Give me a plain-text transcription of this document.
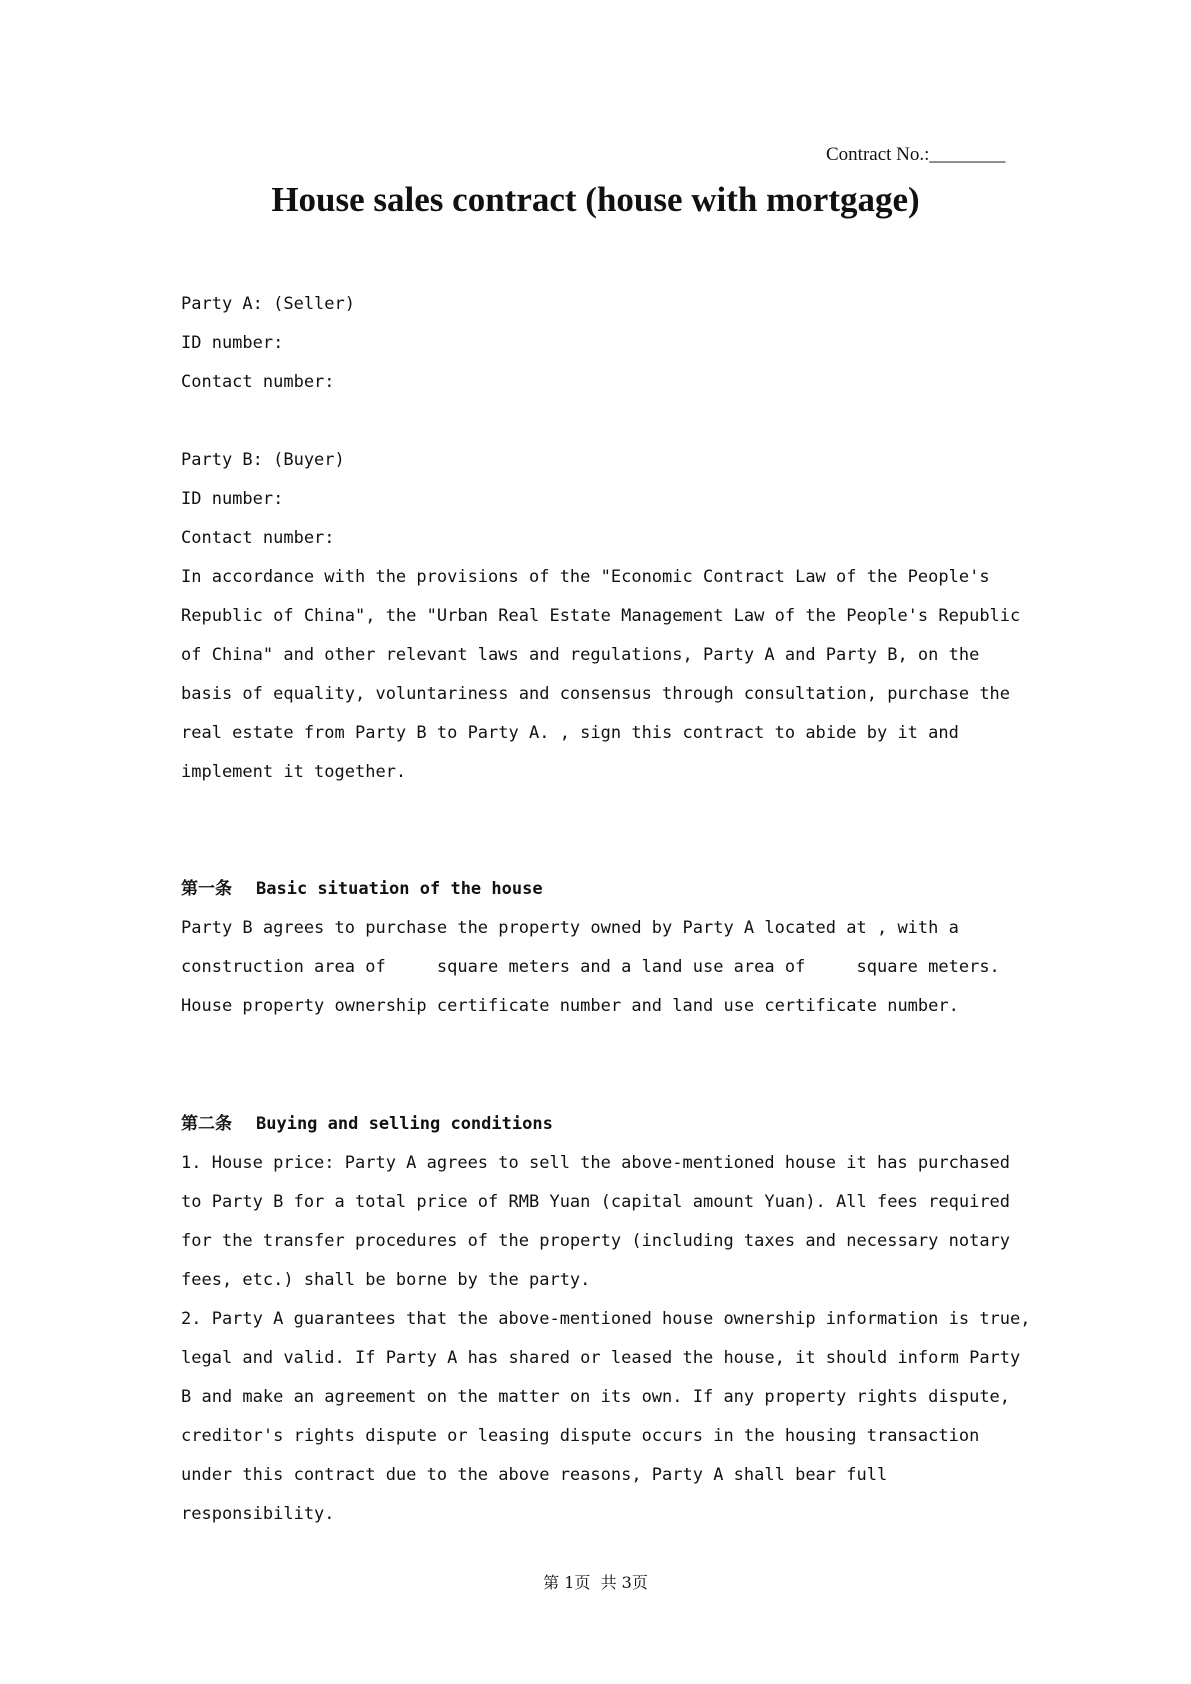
Contract No.:________
House sales contract (house with mortgage)
Party A: (Seller)
ID number:
Contact number:
Party B: (Buyer)
ID number:
Contact number:
In accordance with the provisions of the "Economic Contract Law of the People's
Republic of China", the "Urban Real Estate Management Law of the People's Republic
of China" and other relevant laws and regulations, Party A and Party B, on the
basis of equality, voluntariness and consensus through consultation, purchase the
real estate from Party B to Party A. , sign this contract to abide by it and
implement it together.
第一条 Basic situation of the house
Party B agrees to purchase the property owned by Party A located at , with a
construction area of     square meters and a land use area of     square meters.
House property ownership certificate number and land use certificate number.
第二条 Buying and selling conditions
1. House price: Party A agrees to sell the above-mentioned house it has purchased
to Party B for a total price of RMB Yuan (capital amount Yuan). All fees required
for the transfer procedures of the property (including taxes and necessary notary
fees, etc.) shall be borne by the party.
2. Party A guarantees that the above-mentioned house ownership information is true,
legal and valid. If Party A has shared or leased the house, it should inform Party
B and make an agreement on the matter on its own. If any property rights dispute,
creditor's rights dispute or leasing dispute occurs in the housing transaction
under this contract due to the above reasons, Party A shall bear full
responsibility.
第 1页  共 3页
